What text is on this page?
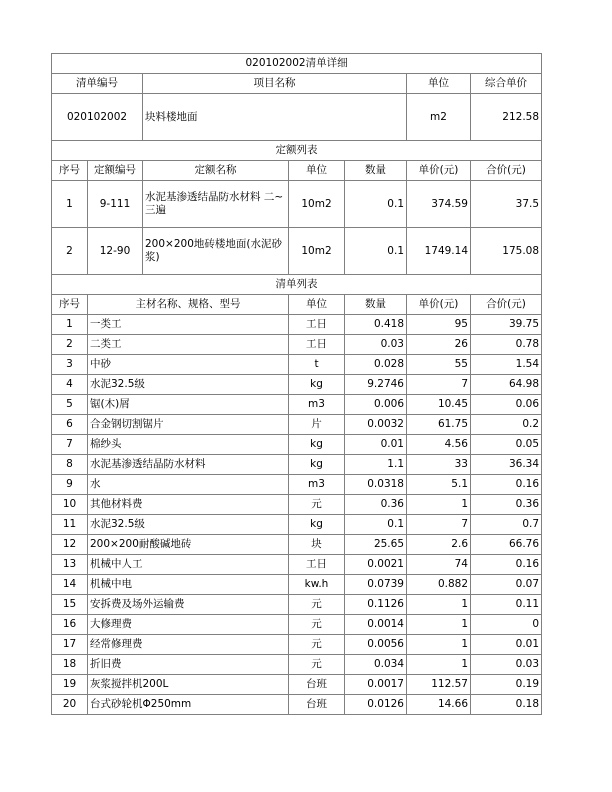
020102002清单详细						
清单编号		项目名称			单位	综合单价
020102002		块料楼地面			m2	212.58
定额列表						
序号	定额编号	定额名称	单位	数量	单价(元)	合价(元)
1	9-111	水泥基渗透结晶防水材料 二~三遍	10m2	0.1	374.59	37.5
2	12-90	200×200地砖楼地面(水泥砂浆)	10m2	0.1	1749.14	175.08
清单列表						
序号	主材名称、规格、型号		单位	数量	单价(元)	合价(元)
1	一类工		工日	0.418	95	39.75
2	二类工		工日	0.03	26	0.78
3	中砂		t	0.028	55	1.54
4	水泥32.5级		kg	9.2746	7	64.98
5	锯(木)屑		m3	0.006	10.45	0.06
6	合金钢切割锯片		片	0.0032	61.75	0.2
7	棉纱头		kg	0.01	4.56	0.05
8	水泥基渗透结晶防水材料		kg	1.1	33	36.34
9	水		m3	0.0318	5.1	0.16
10	其他材料费		元	0.36	1	0.36
11	水泥32.5级		kg	0.1	7	0.7
12	200×200耐酸碱地砖		块	25.65	2.6	66.76
13	机械中人工		工日	0.0021	74	0.16
14	机械中电		kw.h	0.0739	0.882	0.07
15	安拆费及场外运输费		元	0.1126	1	0.11
16	大修理费		元	0.0014	1	0
17	经常修理费		元	0.0056	1	0.01
18	折旧费		元	0.034	1	0.03
19	灰浆搅拌机200L		台班	0.0017	112.57	0.19
20	台式砂轮机Φ250mm		台班	0.0126	14.66	0.18
